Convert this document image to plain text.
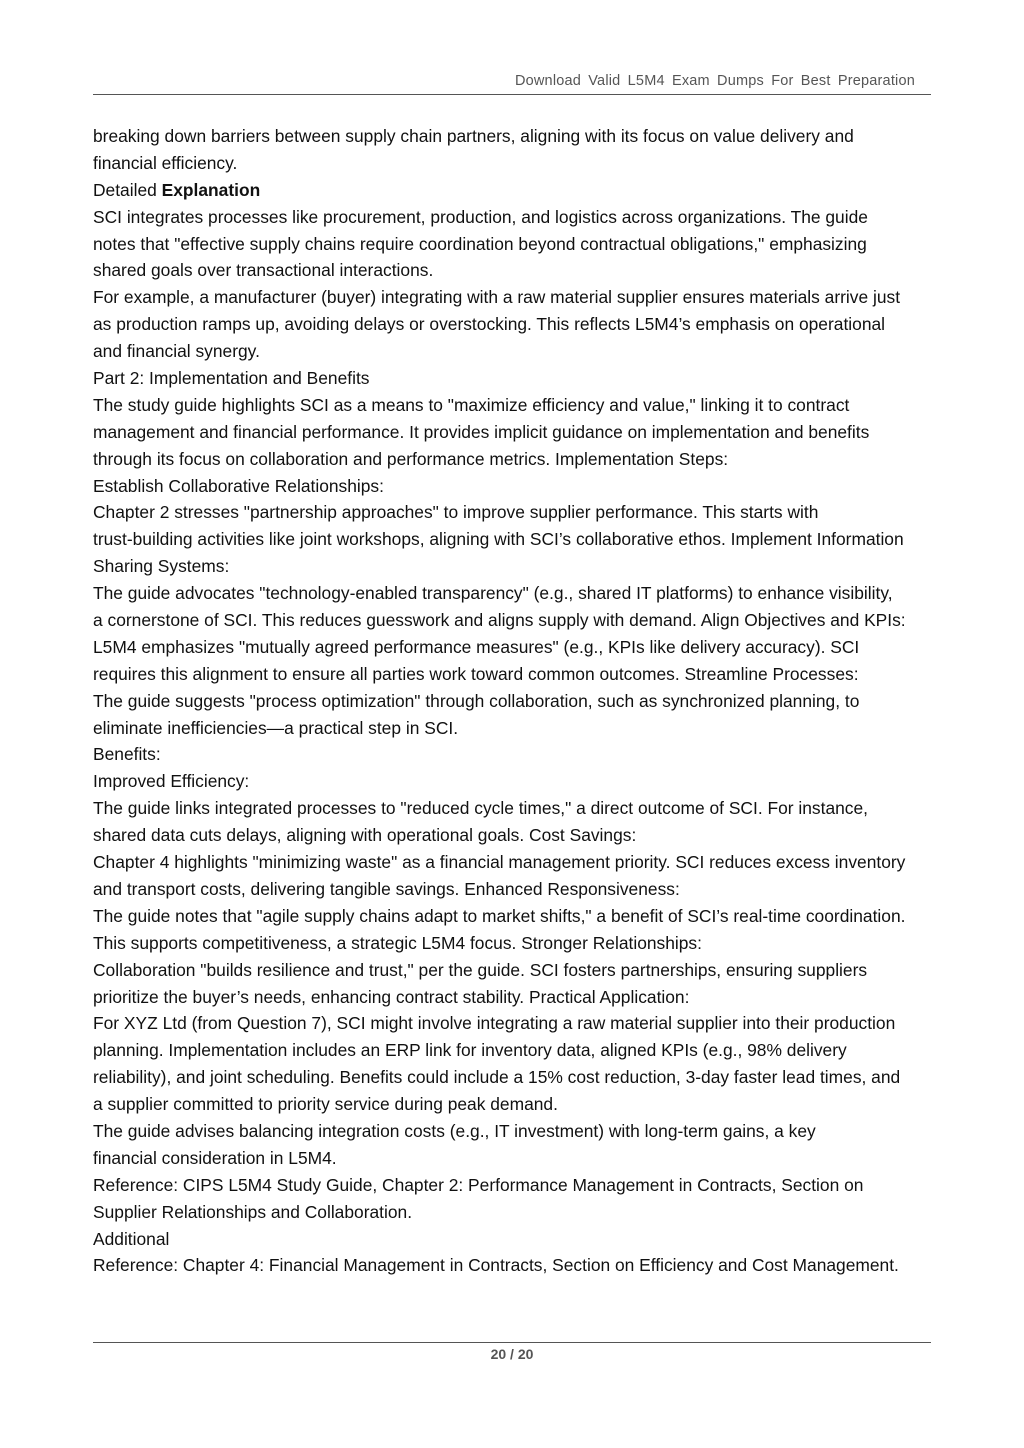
Download Valid L5M4 Exam Dumps For Best Preparation
breaking down barriers between supply chain partners, aligning with its focus on value delivery and
financial efficiency.
Detailed Explanation
SCI integrates processes like procurement, production, and logistics across organizations. The guide
notes that "effective supply chains require coordination beyond contractual obligations," emphasizing
shared goals over transactional interactions.
For example, a manufacturer (buyer) integrating with a raw material supplier ensures materials arrive just
as production ramps up, avoiding delays or overstocking. This reflects L5M4’s emphasis on operational
and financial synergy.
Part 2: Implementation and Benefits
The study guide highlights SCI as a means to "maximize efficiency and value," linking it to contract
management and financial performance. It provides implicit guidance on implementation and benefits
through its focus on collaboration and performance metrics. Implementation Steps:
Establish Collaborative Relationships:
Chapter 2 stresses "partnership approaches" to improve supplier performance. This starts with
trust-building activities like joint workshops, aligning with SCI’s collaborative ethos. Implement Information
Sharing Systems:
The guide advocates "technology-enabled transparency" (e.g., shared IT platforms) to enhance visibility,
a cornerstone of SCI. This reduces guesswork and aligns supply with demand. Align Objectives and KPIs:
L5M4 emphasizes "mutually agreed performance measures" (e.g., KPIs like delivery accuracy). SCI
requires this alignment to ensure all parties work toward common outcomes. Streamline Processes:
The guide suggests "process optimization" through collaboration, such as synchronized planning, to
eliminate inefficiencies—a practical step in SCI.
Benefits:
Improved Efficiency:
The guide links integrated processes to "reduced cycle times," a direct outcome of SCI. For instance,
shared data cuts delays, aligning with operational goals. Cost Savings:
Chapter 4 highlights "minimizing waste" as a financial management priority. SCI reduces excess inventory
and transport costs, delivering tangible savings. Enhanced Responsiveness:
The guide notes that "agile supply chains adapt to market shifts," a benefit of SCI’s real-time coordination.
This supports competitiveness, a strategic L5M4 focus. Stronger Relationships:
Collaboration "builds resilience and trust," per the guide. SCI fosters partnerships, ensuring suppliers
prioritize the buyer’s needs, enhancing contract stability. Practical Application:
For XYZ Ltd (from Question 7), SCI might involve integrating a raw material supplier into their production
planning. Implementation includes an ERP link for inventory data, aligned KPIs (e.g., 98% delivery
reliability), and joint scheduling. Benefits could include a 15% cost reduction, 3-day faster lead times, and
a supplier committed to priority service during peak demand.
The guide advises balancing integration costs (e.g., IT investment) with long-term gains, a key
financial consideration in L5M4.
Reference: CIPS L5M4 Study Guide, Chapter 2: Performance Management in Contracts, Section on
Supplier Relationships and Collaboration.
Additional
Reference: Chapter 4: Financial Management in Contracts, Section on Efficiency and Cost Management.
20 / 20
